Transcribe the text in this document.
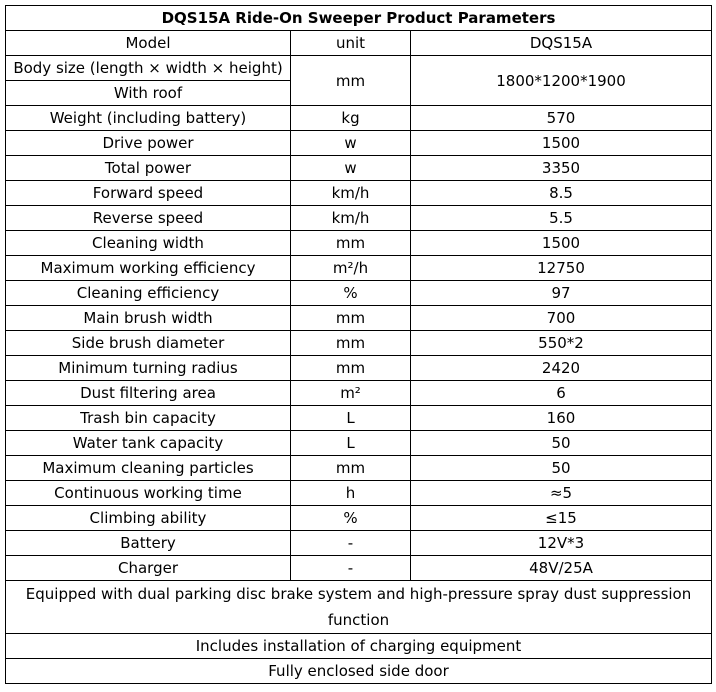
DQS15A Ride-On Sweeper Product Parameters		
Model	unit	DQS15A
Body size (length × width × height)	mm	1800*1200*1900
With roof		
Weight (including battery)	kg	570
Drive power	w	1500
Total power	w	3350
Forward speed	km/h	8.5
Reverse speed	km/h	5.5
Cleaning width	mm	1500
Maximum working efficiency	m²/h	12750
Cleaning efficiency	%	97
Main brush width	mm	700
Side brush diameter	mm	550*2
Minimum turning radius	mm	2420
Dust filtering area	m²	6
Trash bin capacity	L	160
Water tank capacity	L	50
Maximum cleaning particles	mm	50
Continuous working time	h	≈5
Climbing ability	%	≤15
Battery	-	12V*3
Charger	-	48V/25A
Equipped with dual parking disc brake system and high-pressure spray dust suppression function		
Includes installation of charging equipment		
Fully enclosed side door		
